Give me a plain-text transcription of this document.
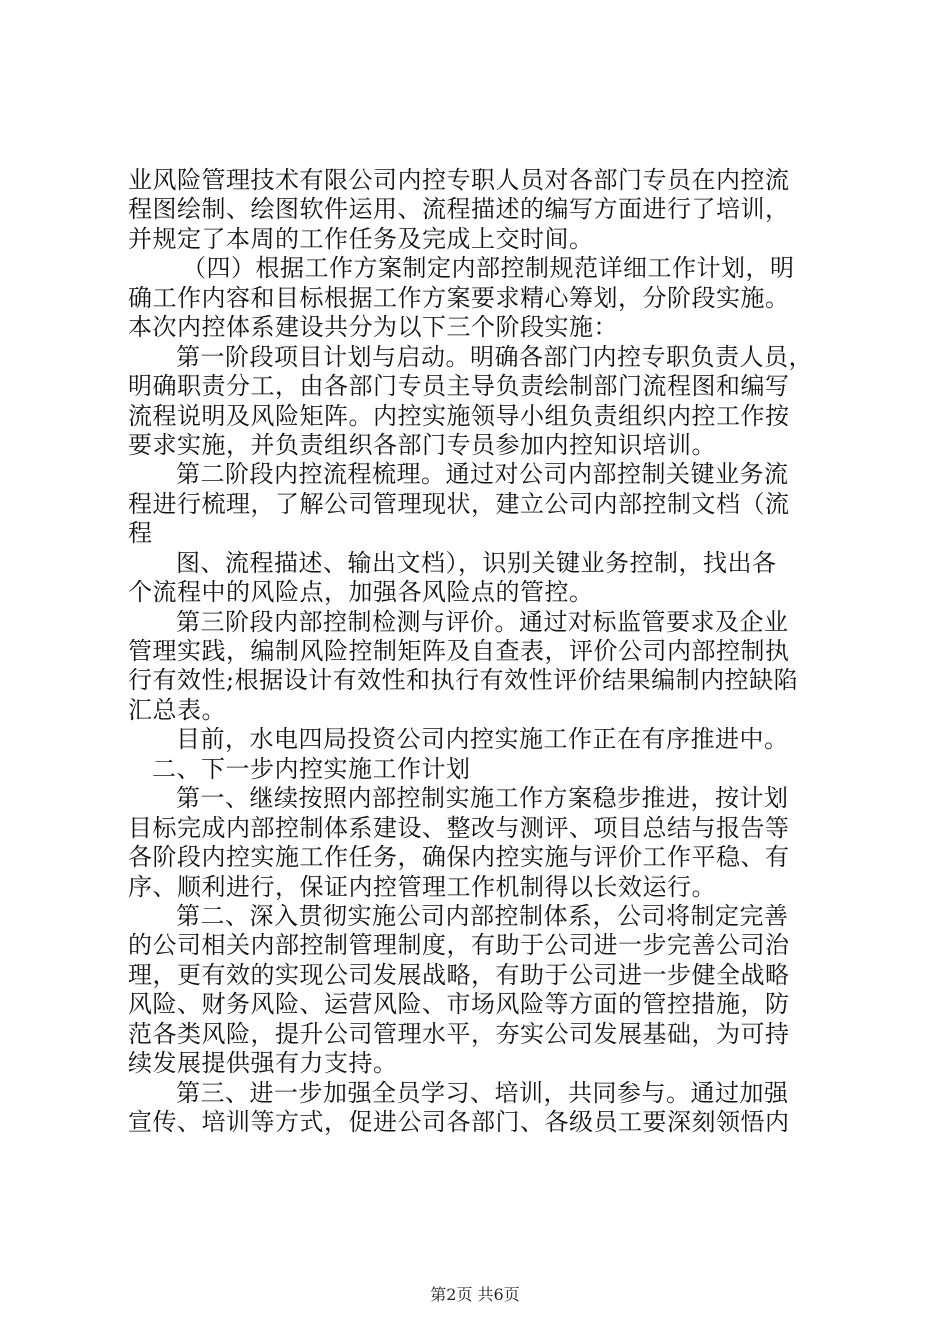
业风险管理技术有限公司内控专职人员对各部门专员在内控流
程图绘制、绘图软件运用、流程描述的编写方面进行了培训，
并规定了本周的工作任务及完成上交时间。
（四）根据工作方案制定内部控制规范详细工作计划，明
确工作内容和目标根据工作方案要求精心筹划，分阶段实施。
本次内控体系建设共分为以下三个阶段实施：
第一阶段项目计划与启动。明确各部门内控专职负责人员，
明确职责分工，由各部门专员主导负责绘制部门流程图和编写
流程说明及风险矩阵。内控实施领导小组负责组织内控工作按
要求实施，并负责组织各部门专员参加内控知识培训。
第二阶段内控流程梳理。通过对公司内部控制关键业务流
程进行梳理，了解公司管理现状，建立公司内部控制文档（流
程
图、流程描述、输出文档），识别关键业务控制，找出各
个流程中的风险点，加强各风险点的管控。
第三阶段内部控制检测与评价。通过对标监管要求及企业
管理实践，编制风险控制矩阵及自查表，评价公司内部控制执
行有效性;根据设计有效性和执行有效性评价结果编制内控缺陷
汇总表。
目前，水电四局投资公司内控实施工作正在有序推进中。
二、下一步内控实施工作计划
第一、继续按照内部控制实施工作方案稳步推进，按计划
目标完成内部控制体系建设、整改与测评、项目总结与报告等
各阶段内控实施工作任务，确保内控实施与评价工作平稳、有
序、顺利进行，保证内控管理工作机制得以长效运行。
第二、深入贯彻实施公司内部控制体系，公司将制定完善
的公司相关内部控制管理制度，有助于公司进一步完善公司治
理，更有效的实现公司发展战略，有助于公司进一步健全战略
风险、财务风险、运营风险、市场风险等方面的管控措施，防
范各类风险，提升公司管理水平，夯实公司发展基础，为可持
续发展提供强有力支持。
第三、进一步加强全员学习、培训，共同参与。通过加强
宣传、培训等方式，促进公司各部门、各级员工要深刻领悟内
第2页 共6页
